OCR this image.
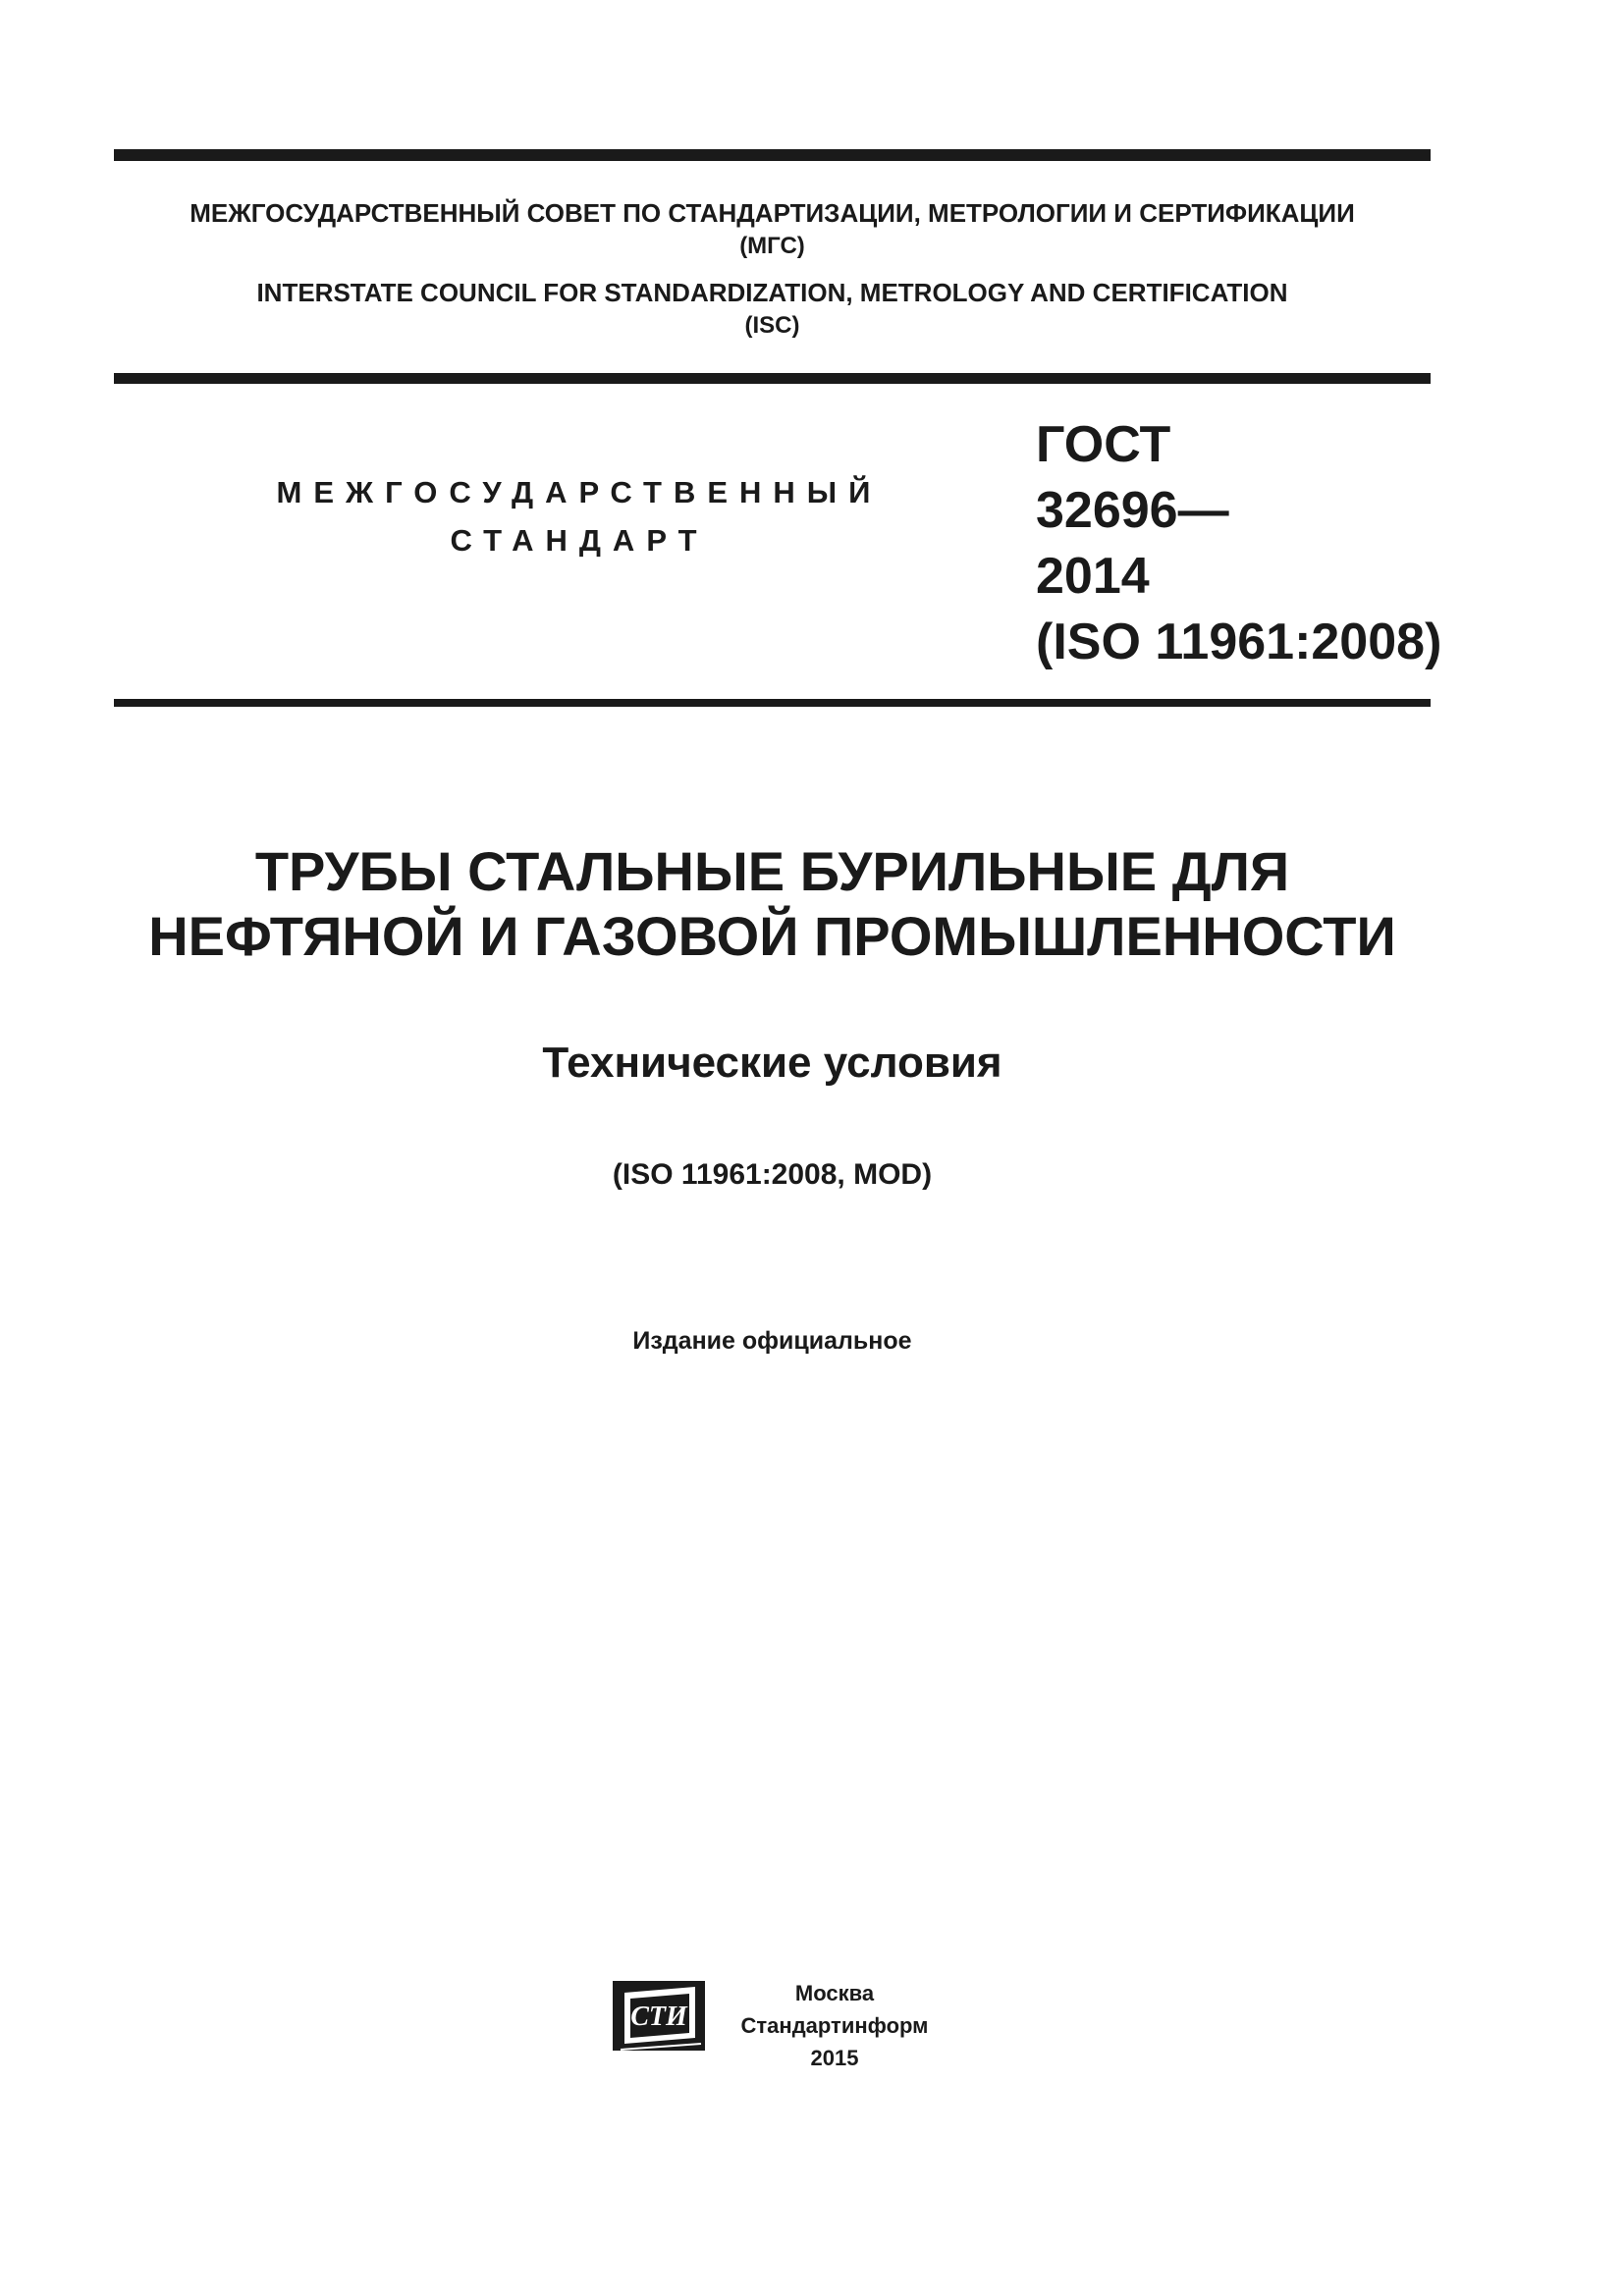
МЕЖГОСУДАРСТВЕННЫЙ СОВЕТ ПО СТАНДАРТИЗАЦИИ, МЕТРОЛОГИИ И СЕРТИФИКАЦИИ
(МГС)
INTERSTATE COUNCIL FOR STANDARDIZATION, METROLOGY AND CERTIFICATION
(ISC)
МЕЖГОСУДАРСТВЕННЫЙ
СТАНДАРТ
ГОСТ
32696—
2014
(ISO 11961:2008)
ТРУБЫ СТАЛЬНЫЕ БУРИЛЬНЫЕ ДЛЯ
НЕФТЯНОЙ И ГАЗОВОЙ ПРОМЫШЛЕННОСТИ
Технические условия
(ISO 11961:2008, MOD)
Издание официальное
СТИ
Москва
Стандартинформ
2015
